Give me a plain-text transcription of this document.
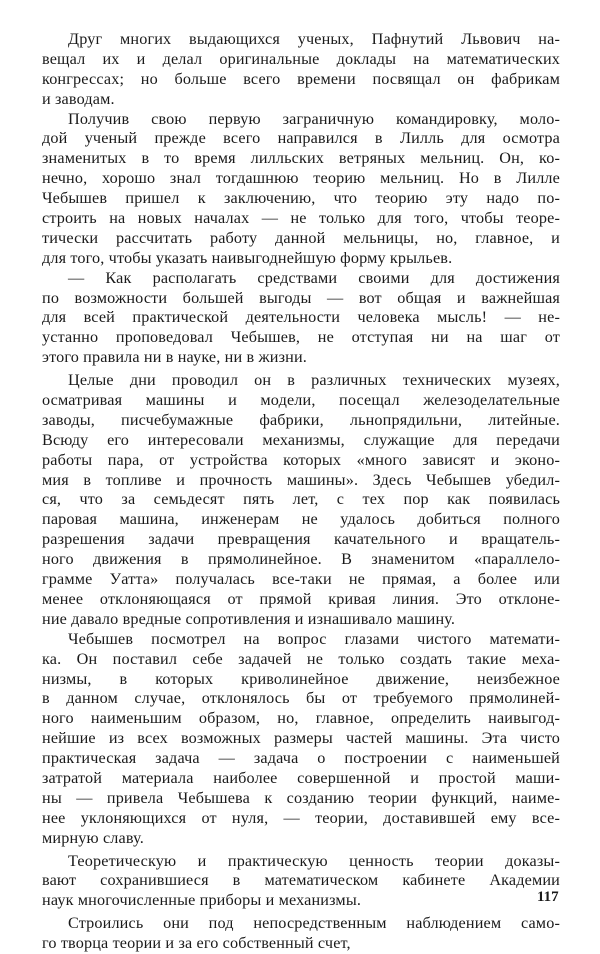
Друг многих выдающихся ученых, Пафнутий Львович на-
вещал их и делал оригинальные доклады на математических
конгрессах; но больше всего времени посвящал он фабрикам
и заводам.
Получив свою первую заграничную командировку, моло-
дой ученый прежде всего направился в Лилль для осмотра
знаменитых в то время лилльских ветряных мельниц. Он, ко-
нечно, хорошо знал тогдашнюю теорию мельниц. Но в Лилле
Чебышев пришел к заключению, что теорию эту надо по-
строить на новых началах — не только для того, чтобы теоре-
тически рассчитать работу данной мельницы, но, главное, и
для того, чтобы указать наивыгоднейшую форму крыльев.
— Как располагать средствами своими для достижения
по возможности большей выгоды — вот общая и важнейшая
для всей практической деятельности человека мысль! — не-
устанно проповедовал Чебышев, не отступая ни на шаг от
этого правила ни в науке, ни в жизни.
Целые дни проводил он в различных технических музеях,
осматривая машины и модели, посещал железоделательные
заводы, писчебумажные фабрики, льнопрядильни, литейные.
Всюду его интересовали механизмы, служащие для передачи
работы пара, от устройства которых «много зависят и эконо-
мия в топливе и прочность машины». Здесь Чебышев убедил-
ся, что за семьдесят пять лет, с тех пор как появилась
паровая машина, инженерам не удалось добиться полного
разрешения задачи превращения качательного и вращатель-
ного движения в прямолинейное. В знаменитом «параллело-
грамме Уатта» получалась все-таки не прямая, а более или
менее отклоняющаяся от прямой кривая линия. Это отклоне-
ние давало вредные сопротивления и изнашивало машину.
Чебышев посмотрел на вопрос глазами чистого математи-
ка. Он поставил себе задачей не только создать такие меха-
низмы, в которых криволинейное движение, неизбежное
в данном случае, отклонялось бы от требуемого прямолиней-
ного наименьшим образом, но, главное, определить наивыгод-
нейшие из всех возможных размеры частей машины. Эта чисто
практическая задача — задача о построении с наименьшей
затратой материала наиболее совершенной и простой маши-
ны — привела Чебышева к созданию теории функций, наиме-
нее уклоняющихся от нуля, — теории, доставившей ему все-
мирную славу.
Теоретическую и практическую ценность теории доказы-
вают сохранившиеся в математическом кабинете Академии
наук многочисленные приборы и механизмы.
Строились они под непосредственным наблюдением само-
го творца теории и за его собственный счет,
117
